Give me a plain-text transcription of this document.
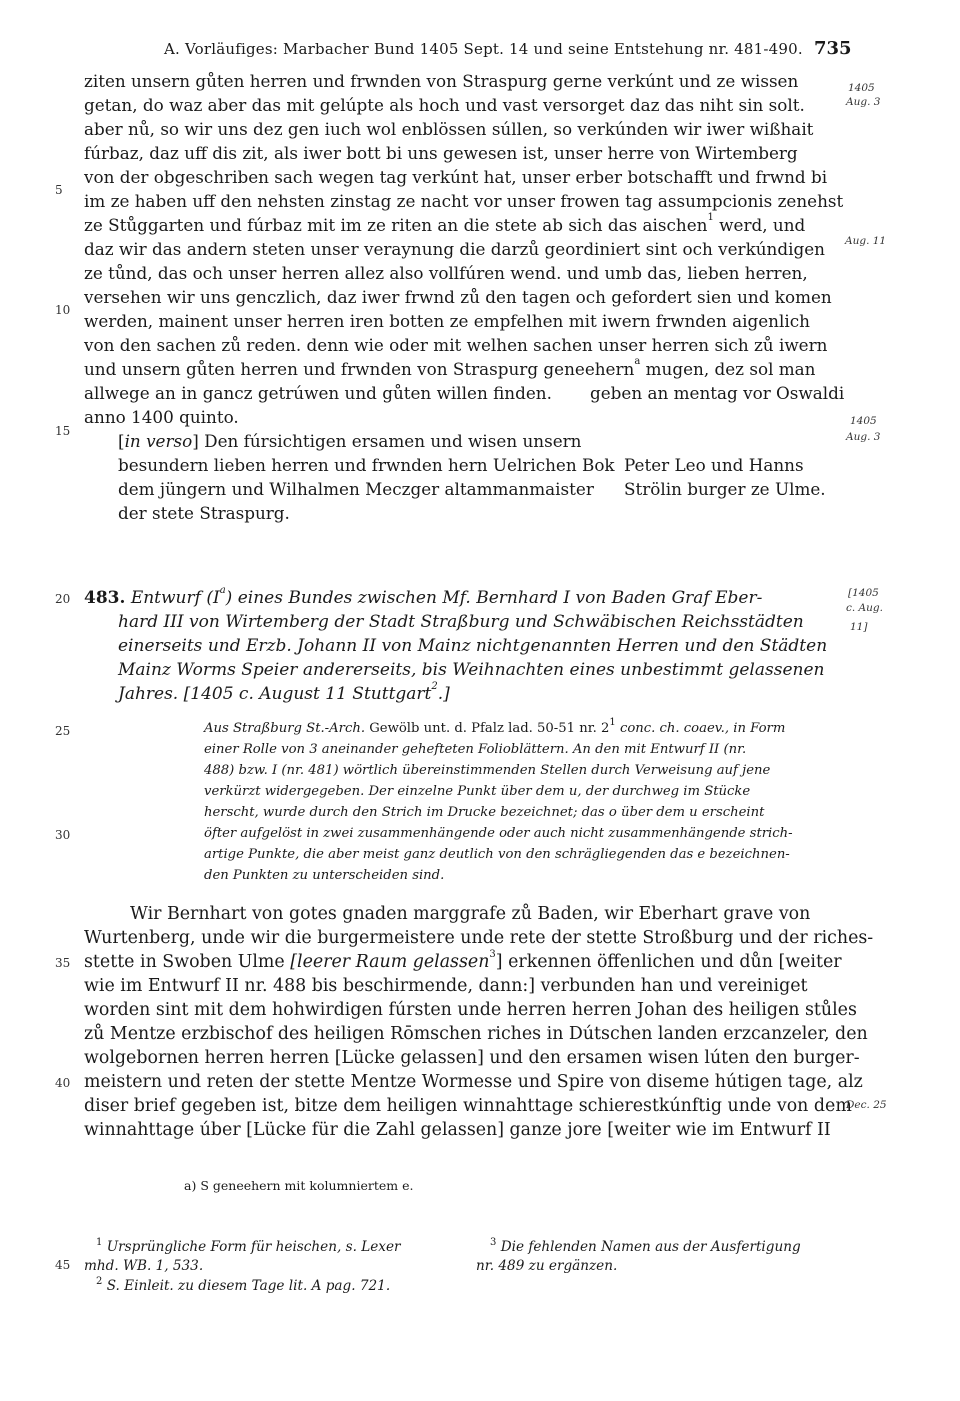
A. Vorläufiges: Marbacher Bund 1405 Sept. 14 und seine Entstehung nr. 481-490. 735
5
10
15
20
25
30
35
40
45
1405
Aug. 3
Aug. 11
1405
Aug. 3
[1405
c. Aug.
11]
Dec. 25
ziten unsern gůten herren und frwnden von Straspurg gerne verkúnt und ze wissen
getan, do waz aber das mit gelúpte als hoch und vast versorget daz das niht sin solt.
aber nů, so wir uns dez gen iuch wol enblössen súllen, so verkúnden wir iwer wißhait
fúrbaz, daz uff dis zit, als iwer bott bi uns gewesen ist, unser herre von Wirtemberg
von der obgeschriben sach wegen tag verkúnt hat, unser erber botschafft und frwnd bi
im ze haben uff den nehsten zinstag ze nacht vor unser frowen tag assumpcionis zenehst
ze Stůggarten und fúrbaz mit im ze riten an die stete ab sich das aischen$^1$ werd, und
daz wir das andern steten unser veraynung die darzů geordiniert sint och verkúndigen
ze tůnd, das och unser herren allez also vollfúren wend. und umb das, lieben herren,
versehen wir uns genczlich, daz iwer frwnd zů den tagen och gefordert sien und komen
werden, mainent unser herren iren botten ze empfelhen mit iwern frwnden aigenlich
von den sachen zů reden. denn wie oder mit welhen sachen unser herren sich zů iwern
und unsern gůten herren und frwnden von Straspurg geneehern$^a$ mugen, dez sol man
allwege an in gancz getrúwen und gůten willen finden. geben an mentag vor Oswaldi
anno 1400 quinto.
[in verso] Den fúrsichtigen ersamen und wisen unsern
besundern lieben herren und frwnden hern Uelrichen Bok
dem jüngern und Wilhalmen Meczger altammanmaister
der stete Straspurg.
Peter Leo und Hanns
Strölin burger ze Ulme.
483. Entwurf $(I^a)$ eines Bundes zwischen Mf. Bernhard I von Baden Graf Eber-
hard III von Wirtemberg der Stadt Straßburg und Schwäbischen Reichsstädten
einerseits und Erzb. Johann II von Mainz nichtgenannten Herren und den Städten
Mainz Worms Speier andererseits, bis Weihnachten eines unbestimmt gelassenen
Jahres. [1405 c. August 11 Stuttgart$^2$.]
Aus Straßburg St.-Arch. Gewölb unt. d. Pfalz lad. 50-51 nr. $2^1$ conc. ch. coaev., in Form
einer Rolle von 3 aneinander gehefteten Folioblättern. An den mit Entwurf II (nr.
488) bzw. I (nr. 481) wörtlich übereinstimmenden Stellen durch Verweisung auf jene
verkürzt widergegeben. Der einzelne Punkt über dem u, der durchweg im Stücke
herscht, wurde durch den Strich im Drucke bezeichnet; das o über dem u erscheint
öfter aufgelöst in zwei zusammenhängende oder auch nicht zusammenhängende strich-
artige Punkte, die aber meist ganz deutlich von den schrägliegenden das e bezeichnen-
den Punkten zu unterscheiden sind.
Wir Bernhart von gotes gnaden marggrafe zů Baden, wir Eberhart grave von
Wurtenberg, unde wir die burgermeistere unde rete der stette Stroßburg und der riches-
stette in Swoben Ulme [leerer Raum gelassen$^3$] erkennen öffenlichen und důn [weiter
wie im Entwurf II nr. 488 bis beschirmende, dann:] verbunden han und vereiniget
worden sint mit dem hohwirdigen fúrsten unde herren herren Johan des heiligen stůles
zů Mentze erzbischof des heiligen Rōmschen riches in Dútschen landen erzcanzeler, den
wolgebornen herren herren [Lücke gelassen] und den ersamen wisen lúten den burger-
meistern und reten der stette Mentze Wormesse und Spire von diseme hútigen tage, alz
diser brief gegeben ist, bitze dem heiligen winnahttage schierestkúnftig unde von dem
winnahttage úber [Lücke für die Zahl gelassen] ganze jore [weiter wie im Entwurf II
a) S geneehern mit kolumniertem e.
$^1$ Ursprüngliche Form für heischen, s. Lexer
mhd. WB. 1, 533.
$^2$ S. Einleit. zu diesem Tage lit. A pag. 721.
$^3$ Die fehlenden Namen aus der Ausfertigung
nr. 489 zu ergänzen.
